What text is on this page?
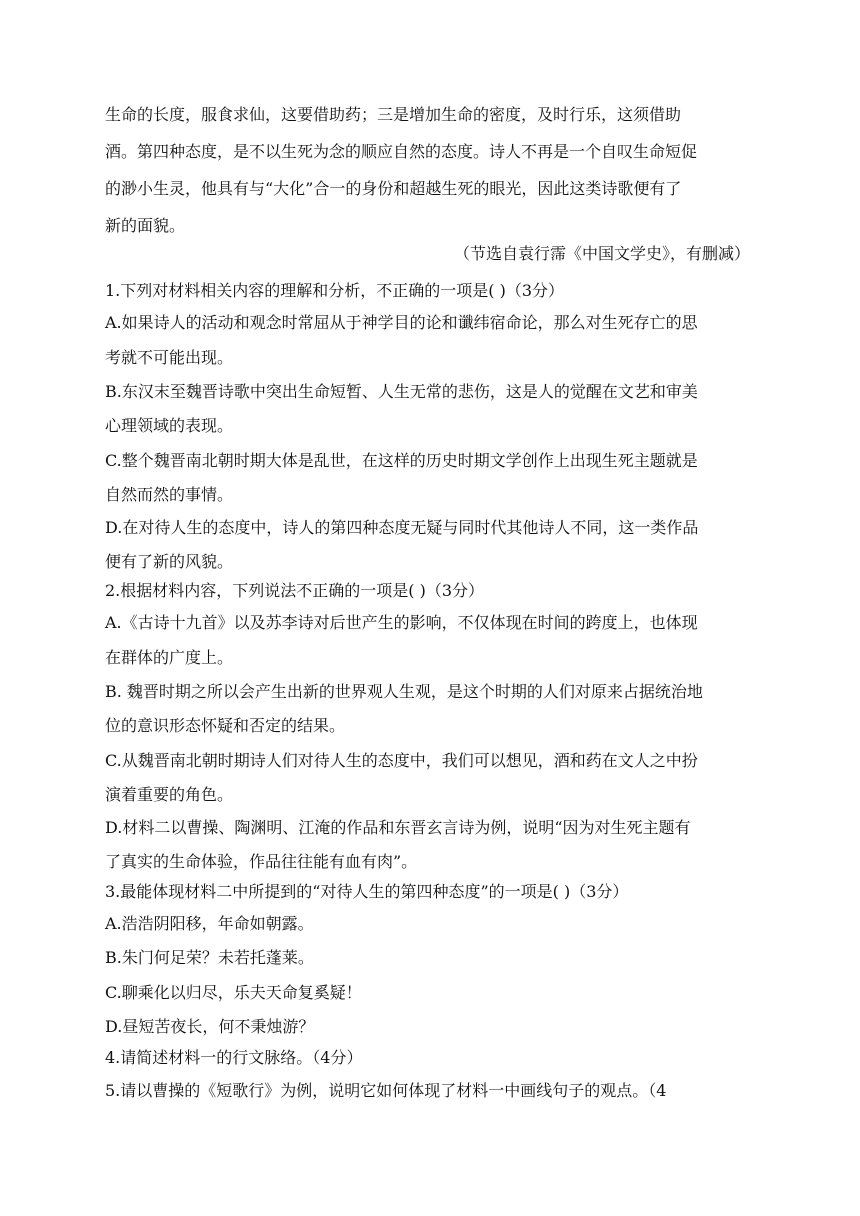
生命的长度，服食求仙，这要借助药；三是增加生命的密度，及时行乐，这须借助
酒。第四种态度，是不以生死为念的顺应自然的态度。诗人不再是一个自叹生命短促
的渺小生灵，他具有与“大化”合一的身份和超越生死的眼光，因此这类诗歌便有了
新的面貌。
（节选自袁行霈《中国文学史》，有删减）
1.下列对材料相关内容的理解和分析，不正确的一项是( )（3分）
A.如果诗人的活动和观念时常屈从于神学目的论和谶纬宿命论，那么对生死存亡的思
考就不可能出现。
B.东汉末至魏晋诗歌中突出生命短暂、人生无常的悲伤，这是人的觉醒在文艺和审美
心理领域的表现。
C.整个魏晋南北朝时期大体是乱世，在这样的历史时期文学创作上出现生死主题就是
自然而然的事情。
D.在对待人生的态度中，诗人的第四种态度无疑与同时代其他诗人不同，这一类作品
便有了新的风貌。
2.根据材料内容，下列说法不正确的一项是( )（3分）
A.《古诗十九首》以及苏李诗对后世产生的影响，不仅体现在时间的跨度上，也体现
在群体的广度上。
B. 魏晋时期之所以会产生出新的世界观人生观，是这个时期的人们对原来占据统治地
位的意识形态怀疑和否定的结果。
C.从魏晋南北朝时期诗人们对待人生的态度中，我们可以想见，酒和药在文人之中扮
演着重要的角色。
D.材料二以曹操、陶渊明、江淹的作品和东晋玄言诗为例，说明“因为对生死主题有
了真实的生命体验，作品往往能有血有肉”。
3.最能体现材料二中所提到的“对待人生的第四种态度”的一项是( )（3分）
A.浩浩阴阳移，年命如朝露。
B.朱门何足荣？未若托蓬莱。
C.聊乘化以归尽，乐夫天命复奚疑！
D.昼短苦夜长，何不秉烛游？
4.请简述材料一的行文脉络。（4分）
5.请以曹操的《短歌行》为例，说明它如何体现了材料一中画线句子的观点。（4
